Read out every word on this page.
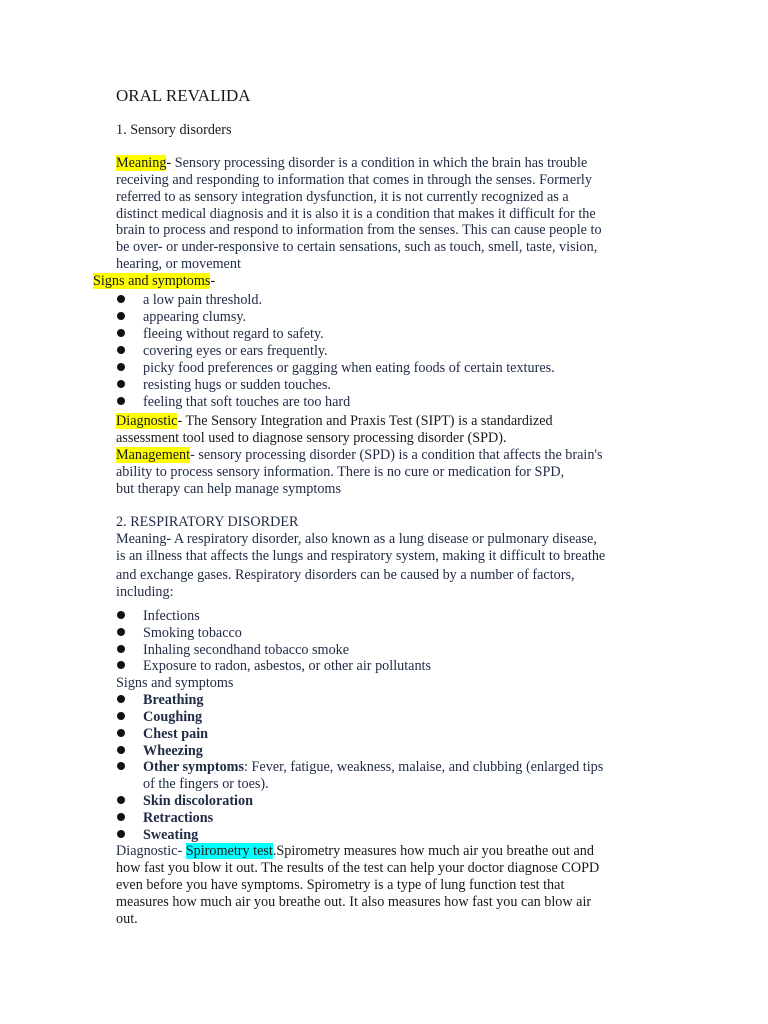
ORAL REVALIDA
1. Sensory disorders
Meaning- Sensory processing disorder is a condition in which the brain has trouble
receiving and responding to information that comes in through the senses. Formerly
referred to as sensory integration dysfunction, it is not currently recognized as a
distinct medical diagnosis and it is also it is a condition that makes it difficult for the
brain to process and respond to information from the senses. This can cause people to
be over- or under-responsive to certain sensations, such as touch, smell, taste, vision,
hearing, or movement
Signs and symptoms-
a low pain threshold.
appearing clumsy.
fleeing without regard to safety.
covering eyes or ears frequently.
picky food preferences or gagging when eating foods of certain textures.
resisting hugs or sudden touches.
feeling that soft touches are too hard
Diagnostic- The Sensory Integration and Praxis Test (SIPT) is a standardized
assessment tool used to diagnose sensory processing disorder (SPD).
Management- sensory processing disorder (SPD) is a condition that affects the brain's
ability to process sensory information. There is no cure or medication for SPD,
but therapy can help manage symptoms
2. RESPIRATORY DISORDER
Meaning- A respiratory disorder, also known as a lung disease or pulmonary disease,
is an illness that affects the lungs and respiratory system, making it difficult to breathe
and exchange gases. Respiratory disorders can be caused by a number of factors,
including:
Infections
Smoking tobacco
Inhaling secondhand tobacco smoke
Exposure to radon, asbestos, or other air pollutants
Signs and symptoms
Breathing
Coughing
Chest pain
Wheezing
Other symptoms: Fever, fatigue, weakness, malaise, and clubbing (enlarged tips
of the fingers or toes).
Skin discoloration
Retractions
Sweating
Diagnostic- Spirometry test.Spirometry measures how much air you breathe out and
how fast you blow it out. The results of the test can help your doctor diagnose COPD
even before you have symptoms. Spirometry is a type of lung function test that
measures how much air you breathe out. It also measures how fast you can blow air
out.
